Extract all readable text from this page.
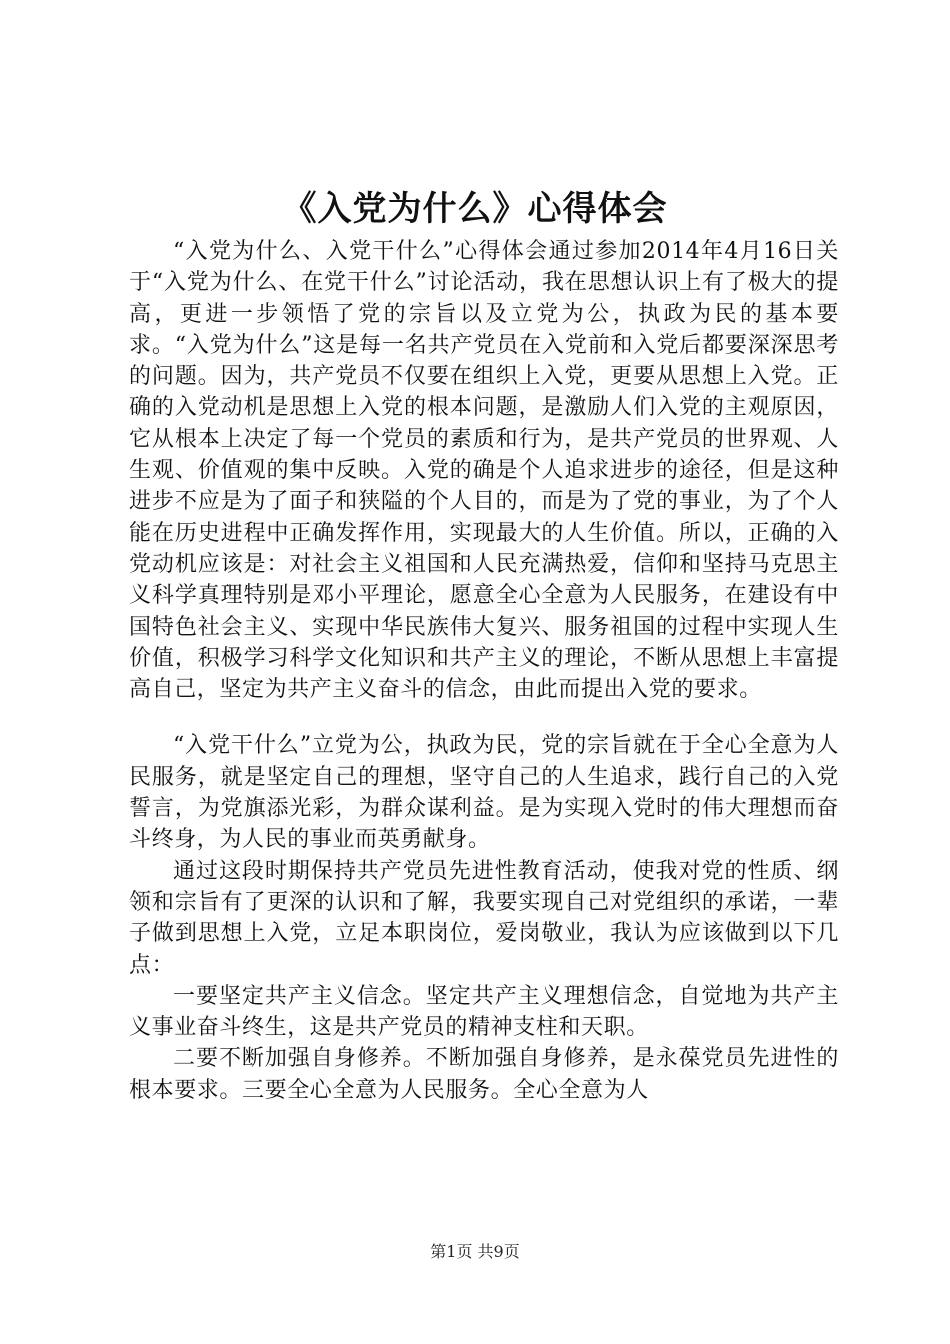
《入党为什么》心得体会

“入党为什么、入党干什么”心得体会通过参加2014年4月16日关于“入党为什么、在党干什么”讨论活动，我在思想认识上有了极大的提高，更进一步领悟了党的宗旨以及立党为公，执政为民的基本要求。“入党为什么”这是每一名共产党员在入党前和入党后都要深深思考的问题。因为，共产党员不仅要在组织上入党，更要从思想上入党。正确的入党动机是思想上入党的根本问题，是激励人们入党的主观原因，它从根本上决定了每一个党员的素质和行为，是共产党员的世界观、人生观、价值观的集中反映。入党的确是个人追求进步的途径，但是这种进步不应是为了面子和狭隘的个人目的，而是为了党的事业，为了个人能在历史进程中正确发挥作用，实现最大的人生价值。所以，正确的入党动机应该是：对社会主义祖国和人民充满热爱，信仰和坚持马克思主义科学真理特别是邓小平理论，愿意全心全意为人民服务，在建设有中国特色社会主义、实现中华民族伟大复兴、服务祖国的过程中实现人生价值，积极学习科学文化知识和共产主义的理论，不断从思想上丰富提高自己，坚定为共产主义奋斗的信念，由此而提出入党的要求。

“入党干什么”立党为公，执政为民，党的宗旨就在于全心全意为人民服务，就是坚定自己的理想，坚守自己的人生追求，践行自己的入党誓言，为党旗添光彩，为群众谋利益。是为实现入党时的伟大理想而奋斗终身，为人民的事业而英勇献身。

通过这段时期保持共产党员先进性教育活动，使我对党的性质、纲领和宗旨有了更深的认识和了解，我要实现自己对党组织的承诺，一辈子做到思想上入党，立足本职岗位，爱岗敬业，我认为应该做到以下几点：

一要坚定共产主义信念。坚定共产主义理想信念，自觉地为共产主义事业奋斗终生，这是共产党员的精神支柱和天职。

二要不断加强自身修养。不断加强自身修养，是永葆党员先进性的根本要求。三要全心全意为人民服务。全心全意为人

第1页 共9页
